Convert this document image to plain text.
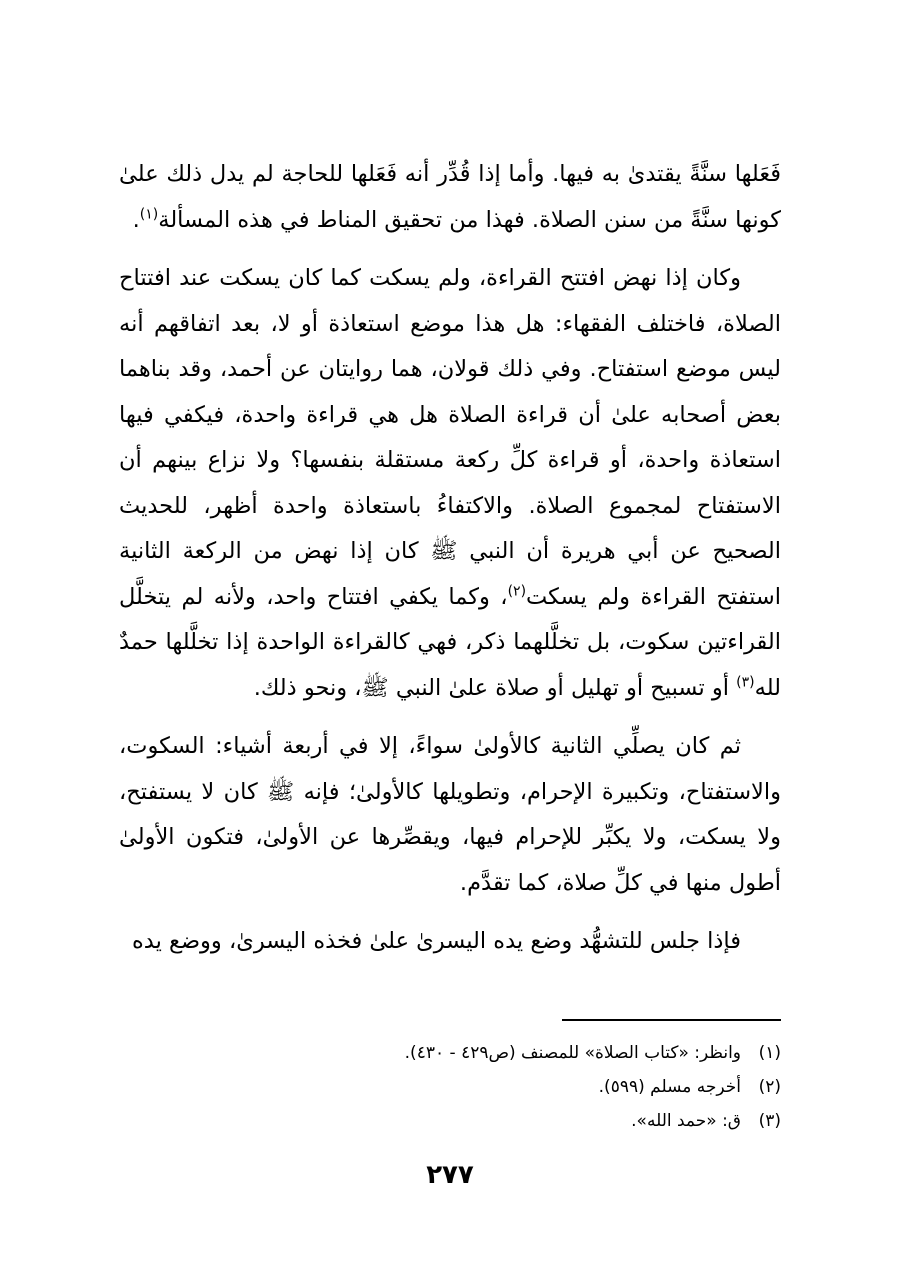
فَعَلها سنَّةً يقتدىٰ به فيها. وأما إذا قُدِّر أنه فَعَلها للحاجة لم يدل ذلك علىٰ كونها سنَّةً من سنن الصلاة. فهذا من تحقيق المناط في هذه المسألة$^{(١)}$.

وكان إذا نهض افتتح القراءة، ولم يسكت كما كان يسكت عند افتتاح الصلاة، فاختلف الفقهاء: هل هذا موضع استعاذة أو لا، بعد اتفاقهم أنه ليس موضع استفتاح. وفي ذلك قولان، هما روايتان عن أحمد، وقد بناهما بعض أصحابه علىٰ أن قراءة الصلاة هل هي قراءة واحدة، فيكفي فيها استعاذة واحدة، أو قراءة كلِّ ركعة مستقلة بنفسها؟ ولا نزاع بينهم أن الاستفتاح لمجموع الصلاة. والاكتفاءُ باستعاذة واحدة أظهر، للحديث الصحيح عن أبي هريرة أن النبي ﷺ كان إذا نهض من الركعة الثانية استفتح القراءة ولم يسكت$^{(٢)}$، وكما يكفي افتتاح واحد، ولأنه لم يتخلَّل القراءتين سكوت، بل تخلَّلهما ذكر، فهي كالقراءة الواحدة إذا تخلَّلها حمدٌ لله$^{(٣)}$ أو تسبيح أو تهليل أو صلاة علىٰ النبي ﷺ، ونحو ذلك.

ثم كان يصلِّي الثانية كالأولىٰ سواءً، إلا في أربعة أشياء: السكوت، والاستفتاح، وتكبيرة الإحرام، وتطويلها كالأولىٰ؛ فإنه ﷺ كان لا يستفتح، ولا يسكت، ولا يكبِّر للإحرام فيها، ويقصِّرها عن الأولىٰ، فتكون الأولىٰ أطول منها في كلِّ صلاة، كما تقدَّم.

فإذا جلس للتشهُّد وضع يده اليسرىٰ علىٰ فخذه اليسرىٰ، ووضع يده

(١)وانظر: «كتاب الصلاة» للمصنف (ص٤٢٩ - ٤٣٠).

(٢)أخرجه مسلم (٥٩٩).

(٣)ق: «حمد الله».

٢٧٧
